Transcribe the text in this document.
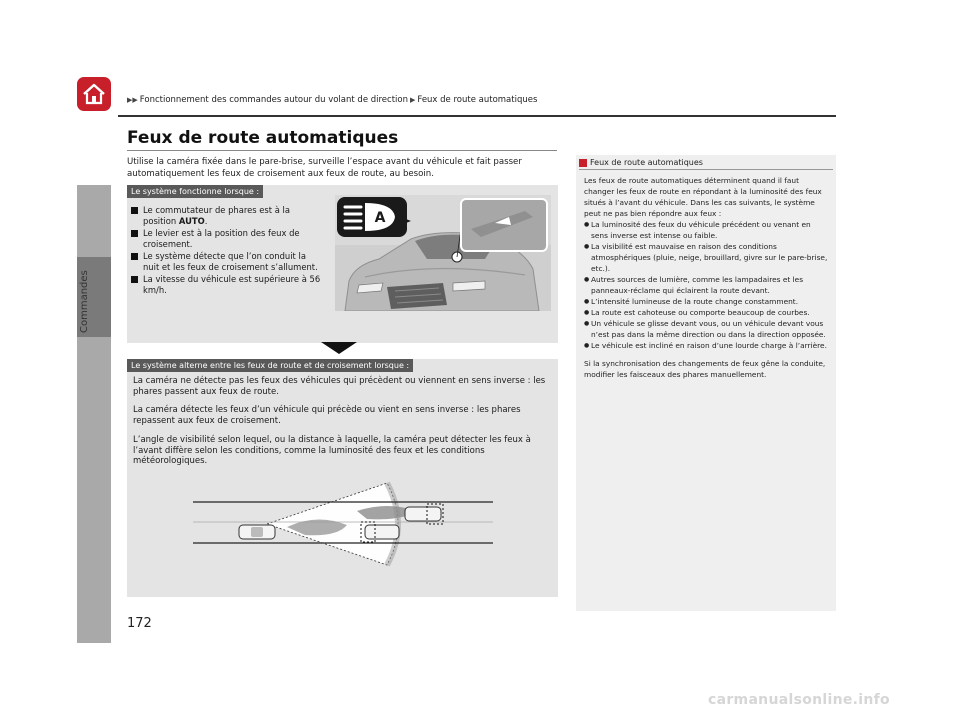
Commandes
▶▶ Fonctionnement des commandes autour du volant de direction ▶ Feux de route automatiques
Feux de route automatiques
Utilise la caméra fixée dans le pare-brise, surveille l’espace avant du véhicule et fait passer automatiquement les feux de croisement aux feux de route, au besoin.
Le système fonctionne lorsque :
Le commutateur de phares est à la position AUTO.
Le levier est à la position des feux de croisement.
Le système détecte que l’on conduit la nuit et les feux de croisement s’allument.
La vitesse du véhicule est supérieure à 56 km/h.
A
Le système alterne entre les feux de route et de croisement lorsque :
La caméra ne détecte pas les feux des véhicules qui précèdent ou viennent en sens inverse : les phares passent aux feux de route.
La caméra détecte les feux d’un véhicule qui précède ou vient en sens inverse : les phares repassent aux feux de croisement.
L’angle de visibilité selon lequel, ou la distance à laquelle, la caméra peut détecter les feux à l’avant diffère selon les conditions, comme la luminosité des feux et les conditions météorologiques.
Feux de route automatiques
Les feux de route automatiques déterminent quand il faut changer les feux de route en répondant à la luminosité des feux situés à l’avant du véhicule. Dans les cas suivants, le système peut ne pas bien répondre aux feux :
● La luminosité des feux du véhicule précédent ou venant en sens inverse est intense ou faible.
● La visibilité est mauvaise en raison des conditions atmosphériques (pluie, neige, brouillard, givre sur le pare-brise, etc.).
● Autres sources de lumière, comme les lampadaires et les panneaux-réclame qui éclairent la route devant.
● L’intensité lumineuse de la route change constamment.
● La route est cahoteuse ou comporte beaucoup de courbes.
● Un véhicule se glisse devant vous, ou un véhicule devant vous n’est pas dans la même direction ou dans la direction opposée.
● Le véhicule est incliné en raison d’une lourde charge à l’arrière.
Si la synchronisation des changements de feux gêne la conduite, modifier les faisceaux des phares manuellement.
172
carmanualsonline.info
